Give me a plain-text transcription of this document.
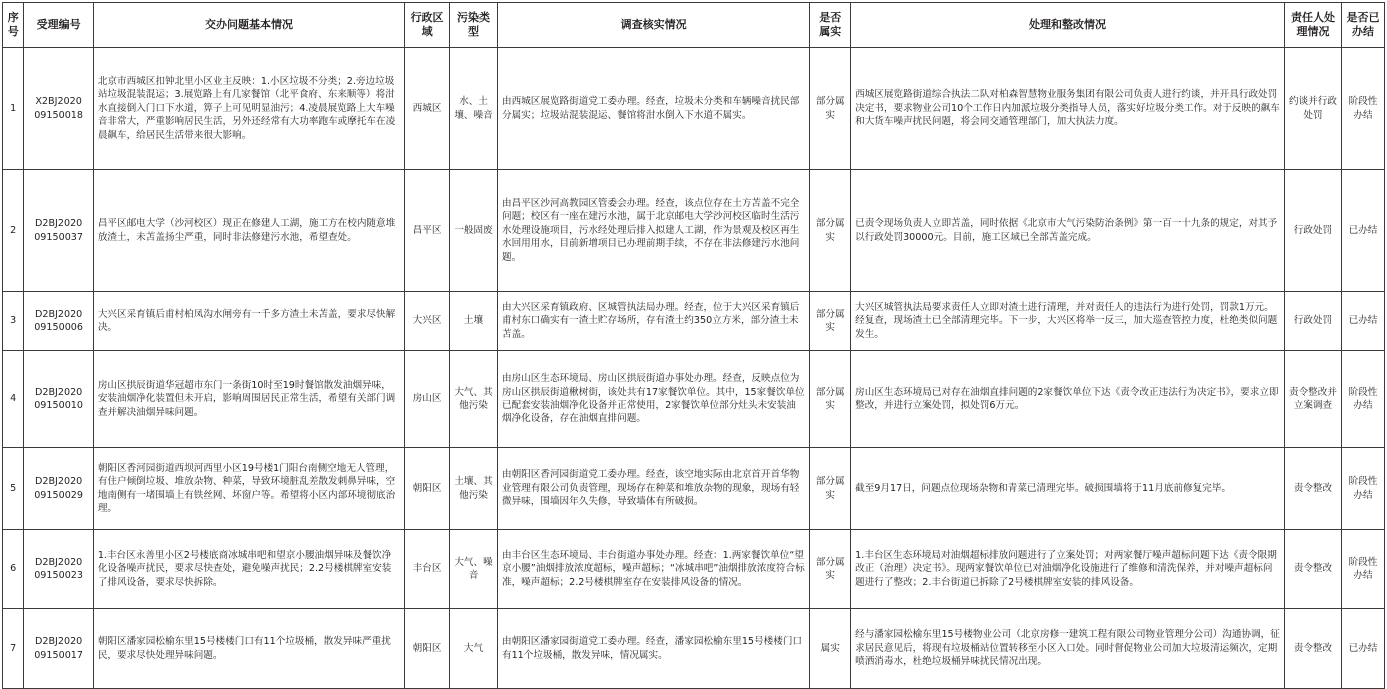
序号	受理编号	交办问题基本情况	行政区域	污染类型	调查核实情况	是否属实	处理和整改情况	责任人处理情况	是否已办结
1	X2BJ2020 09150018	北京市西城区扣钟北里小区业主反映：1.小区垃圾不分类；2.旁边垃圾站垃圾混装混运；3.展览路上有几家餐馆（北平食府、东来顺等）将泔水直接倒入门口下水道，箅子上可见明显油污；4.凌晨展览路上大车噪音非常大，严重影响居民生活，另外还经常有大功率跑车或摩托车在凌晨飙车，给居民生活带来很大影响。	西城区	水、土壤、噪音	由西城区展览路街道党工委办理。经查，垃圾未分类和车辆噪音扰民部分属实；垃圾站混装混运、餐馆将泔水倒入下水道不属实。	部分属实	西城区展览路街道综合执法二队对柏森智慧物业服务集团有限公司负责人进行约谈，并开具行政处罚决定书，要求物业公司10个工作日内加派垃圾分类指导人员，落实好垃圾分类工作。对于反映的飙车和大货车噪声扰民问题，将会同交通管理部门，加大执法力度。	约谈并行政处罚	阶段性办结
2	D2BJ2020 09150037	昌平区邮电大学（沙河校区）现正在修建人工湖，施工方在校内随意堆放渣土，未苫盖扬尘严重，同时非法修建污水池，希望查处。	昌平区	一般固废	由昌平区沙河高教园区管委会办理。经查，该点位存在土方苫盖不完全问题；校区有一座在建污水池，属于北京邮电大学沙河校区临时生活污水处理设施项目，污水经处理后排入拟建人工湖，作为景观及校区再生水回用用水，目前新增项目已办理前期手续，不存在非法修建污水池问题。	部分属实	已责令现场负责人立即苫盖，同时依据《北京市大气污染防治条例》第一百一十九条的规定，对其予以行政处罚30000元。目前，施工区域已全部苫盖完成。	行政处罚	已办结
3	D2BJ2020 09150006	大兴区采育镇后甫村柏凤沟水闸旁有一千多方渣土未苫盖，要求尽快解决。	大兴区	土壤	由大兴区采育镇政府、区城管执法局办理。经查，位于大兴区采育镇后甫村东口确实有一渣土贮存场所，存有渣土约350立方米，部分渣土未苫盖。	部分属实	大兴区城管执法局要求责任人立即对渣土进行清理，并对责任人的违法行为进行处罚，罚款1万元。经复查，现场渣土已全部清理完毕。下一步，大兴区将举一反三，加大巡查管控力度，杜绝类似问题发生。	行政处罚	已办结
4	D2BJ2020 09150010	房山区拱辰街道华冠超市东门一条街10时至19时餐馆散发油烟异味，安装油烟净化装置但未开启，影响周围居民正常生活，希望有关部门调查并解决油烟异味问题。	房山区	大气、其他污染	由房山区生态环境局、房山区拱辰街道办事处办理。经查，反映点位为房山区拱辰街道楸树街，该处共有17家餐饮单位。其中，15家餐饮单位已配套安装油烟净化设备并正常使用，2家餐饮单位部分灶头未安装油烟净化设备，存在油烟直排问题。	部分属实	房山区生态环境局已对存在油烟直排问题的2家餐饮单位下达《责令改正违法行为决定书》，要求立即整改，并进行立案处罚，拟处罚6万元。	责令整改并立案调查	阶段性办结
5	D2BJ2020 09150029	朝阳区香河园街道西坝河西里小区19号楼1门阳台南侧空地无人管理，有住户倾倒垃圾、堆放杂物、种菜，导致环境脏乱差散发刺鼻异味，空地南侧有一堵围墙上有铁丝网、坏窗户等。希望将小区内部环境彻底治理。	朝阳区	土壤、其他污染	由朝阳区香河园街道党工委办理。经查，该空地实际由北京首开首华物业管理有限公司负责管理，现场存在种菜和堆放杂物的现象，现场有轻微异味，围墙因年久失修，导致墙体有所破损。	部分属实	截至9月17日，问题点位现场杂物和青菜已清理完毕。破损围墙将于11月底前修复完毕。	责令整改	阶段性办结
6	D2BJ2020 09150023	1.丰台区永善里小区2号楼底商冰城串吧和望京小腰油烟异味及餐饮净化设备噪声扰民，要求尽快查处，避免噪声扰民；2.2号楼棋牌室安装了排风设备，要求尽快拆除。	丰台区	大气、噪音	由丰台区生态环境局、丰台街道办事处办理。经查：1.两家餐饮单位“望京小腰”油烟排放浓度超标，噪声超标；“冰城串吧”油烟排放浓度符合标准，噪声超标；2.2号楼棋牌室存在安装排风设备的情况。	部分属实	1.丰台区生态环境局对油烟超标排放问题进行了立案处罚；对两家餐厅噪声超标问题下达《责令限期改正（治理）决定书》。现两家餐饮单位已对油烟净化设施进行了维修和清洗保养，并对噪声超标问题进行了整改；2.丰台街道已拆除了2号楼棋牌室安装的排风设备。	责令整改	阶段性办结
7	D2BJ2020 09150017	朝阳区潘家园松榆东里15号楼楼门口有11个垃圾桶，散发异味严重扰民，要求尽快处理异味问题。	朝阳区	大气	由朝阳区潘家园街道党工委办理。经查，潘家园松榆东里15号楼楼门口有11个垃圾桶，散发异味，情况属实。	属实	经与潘家园松榆东里15号楼物业公司（北京房修一建筑工程有限公司物业管理分公司）沟通协调，征求居民意见后，将现有垃圾桶站位置转移至小区入口处。同时督促物业公司加大垃圾清运频次，定期喷洒消毒水，杜绝垃圾桶异味扰民情况出现。	责令整改	已办结
